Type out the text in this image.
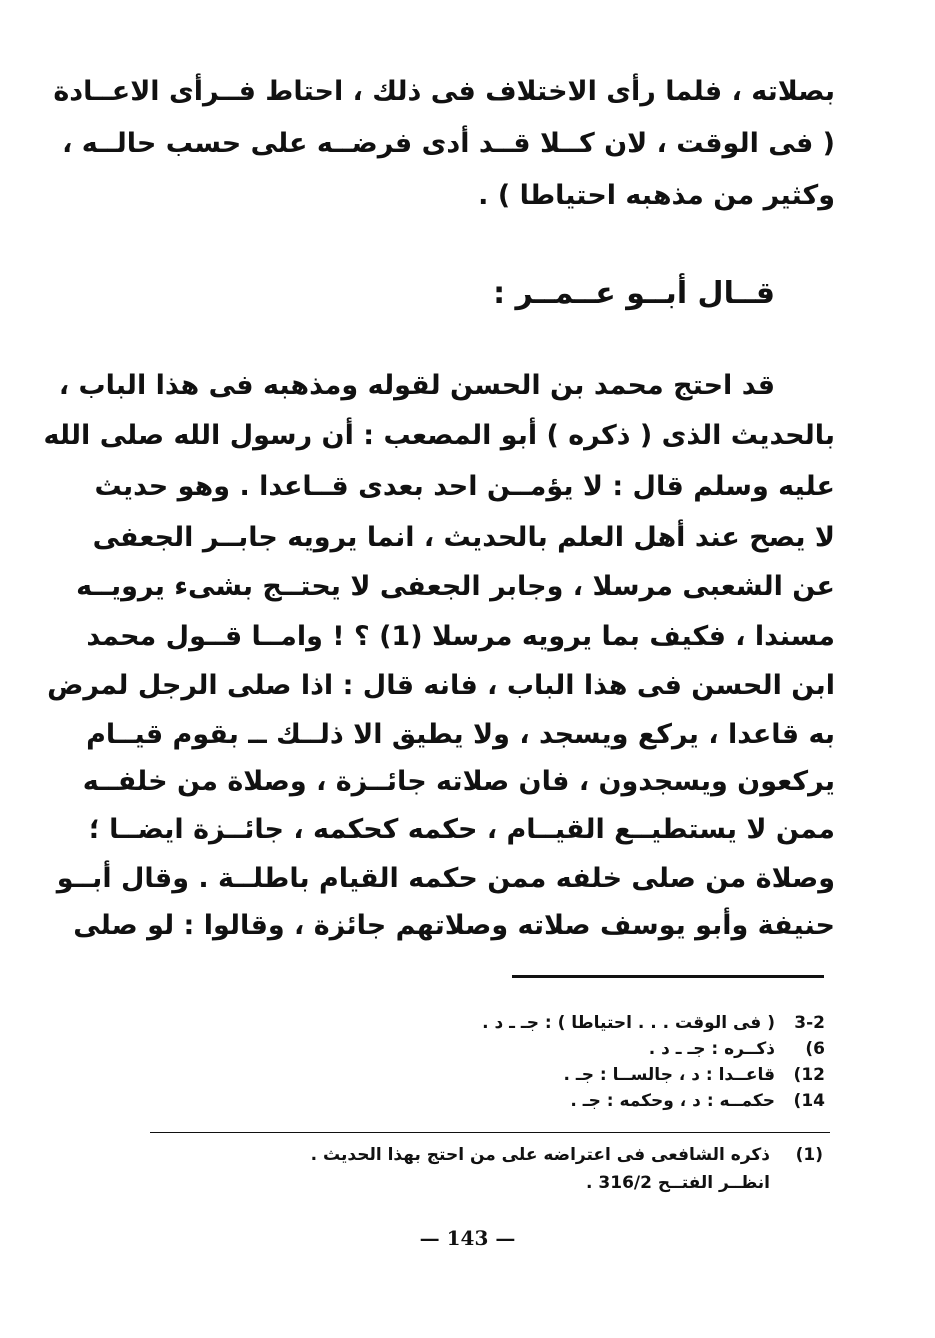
بصلاته ، فلما رأى الاختلاف فى ذلك ، احتاط فــرأى الاعــادة
( فى الوقت ، لان كــلا قــد أدى فرضــه على حسب حالــه ،
وكثير من مذهبه احتياطا ) .
قــال أبــو عــمــر :
قد احتج محمد بن الحسن لقوله ومذهبه فى هذا الباب ،
بالحديث الذى ( ذكره ) أبو المصعب : أن رسول الله صلى الله
عليه وسلم قال : لا يؤمــن احد بعدى قــاعدا . وهو حديث
لا يصح عند أهل العلم بالحديث ، انما يرويه جابــر الجعفى
عن الشعبى مرسلا ، وجابر الجعفى لا يحتــج بشىء يرويــه
مسندا ، فكيف بما يرويه مرسلا (1) ؟ ! وامــا قــول محمد
ابن الحسن فى هذا الباب ، فانه قال : اذا صلى الرجل لمرض
به قاعدا ، يركع ويسجد ، ولا يطيق الا ذلــك ــ بقوم قيــام
يركعون ويسجدون ، فان صلاته جائــزة ، وصلاة من خلفــه
ممن لا يستطيــع القيــام ، حكمه كحكمه ، جائــزة ايضــا ؛
وصلاة من صلى خلفه ممن حكمه القيام باطلــة . وقال أبــو
حنيفة وأبو يوسف صلاته وصلاتهم جائزة ، وقالوا : لو صلى
3-2
( فى الوقت . . . احتياطا ) : جـ ـ د .
6)
ذكــره : جـ ـ د .
12)
قاعــدا : د ، جالســا : جـ .
14)
حكمــه : د ، وحكمه : جـ .
(1)
ذكره الشافعى فى اعتراضه على من احتج بهذا الحديث .
انظــر الفتــح 316/2 .
— 143 —
